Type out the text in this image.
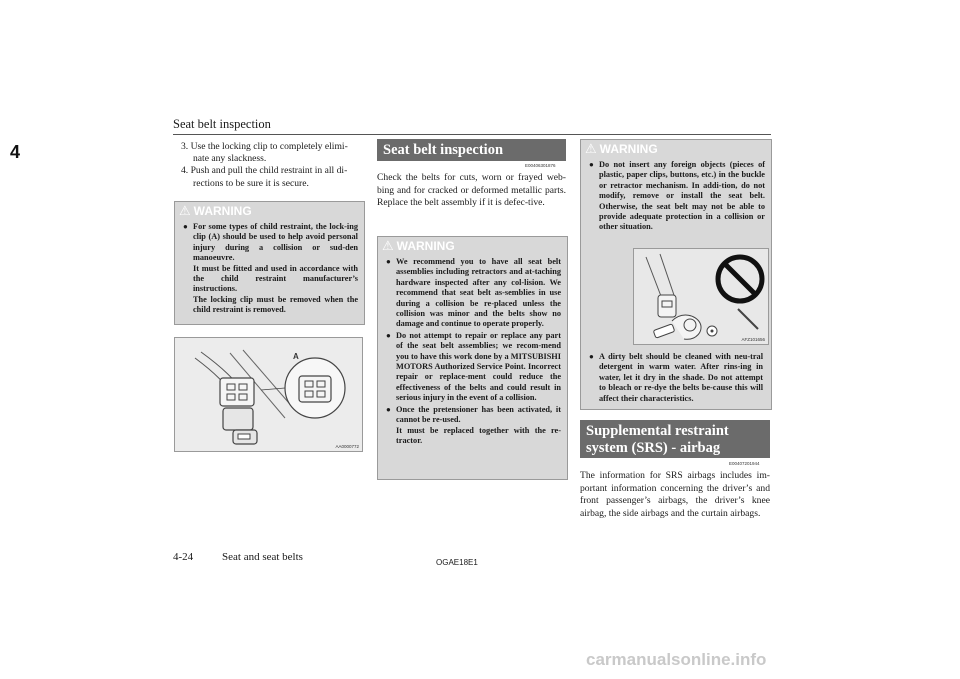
Seat belt inspection
4	3. Use the locking clip to completely elimi-nate any slackness.

4. Push and pull the child restraint in all di-rections to be sure it is secure.

⚠ WARNING
● For some types of child restraint, the lock-ing clip (A) should be used to help avoid personal injury during a collision or sud-den manoeuvre.

It must be fitted and used in accordance with the child restraint manufacturer’s instructions.

The locking clip must be removed when the child restraint is removed.

A
AA0000772
Seat belt inspection
E00406301876
Check the belts for cuts, worn or frayed web-bing and for cracked or deformed metallic parts. Replace the belt assembly if it is defec-tive.
⚠ WARNING
● We recommend you to have all seat belt assemblies including retractors and at-taching hardware inspected after any col-lision. We recommend that seat belt as-semblies in use during a collision be re-placed unless the collision was minor and the belts show no damage and continue to operate properly.

● Do not attempt to repair or replace any part of the seat belt assemblies; we recom-mend you to have this work done by a MITSUBISHI MOTORS Authorized Service Point. Incorrect repair or replace-ment could reduce the effectiveness of the belts and could result in serious injury in the event of a collision.

● Once the pretensioner has been activated, it cannot be re-used.

It must be replaced together with the re-tractor.

⚠ WARNING
● Do not insert any foreign objects (pieces of plastic, paper clips, buttons, etc.) in the buckle or retractor mechanism. In addi-tion, do not modify, remove or install the seat belt. Otherwise, the seat belt may not be able to provide adequate protection in a collision or other situation.

AFZ101656
● A dirty belt should be cleaned with neu-tral detergent in warm water. After rins-ing in water, let it dry in the shade. Do not attempt to bleach or re-dye the belts be-cause this will affect their characteristics.

Supplemental restraint
system (SRS) - airbag
E00407201944
The information for SRS airbags includes im-portant information concerning the driver’s and front passenger’s airbags, the driver’s knee airbag, the side airbags and the curtain airbags.
4-24	Seat and seat belts	OGAE18E1
carmanualsonline.info
